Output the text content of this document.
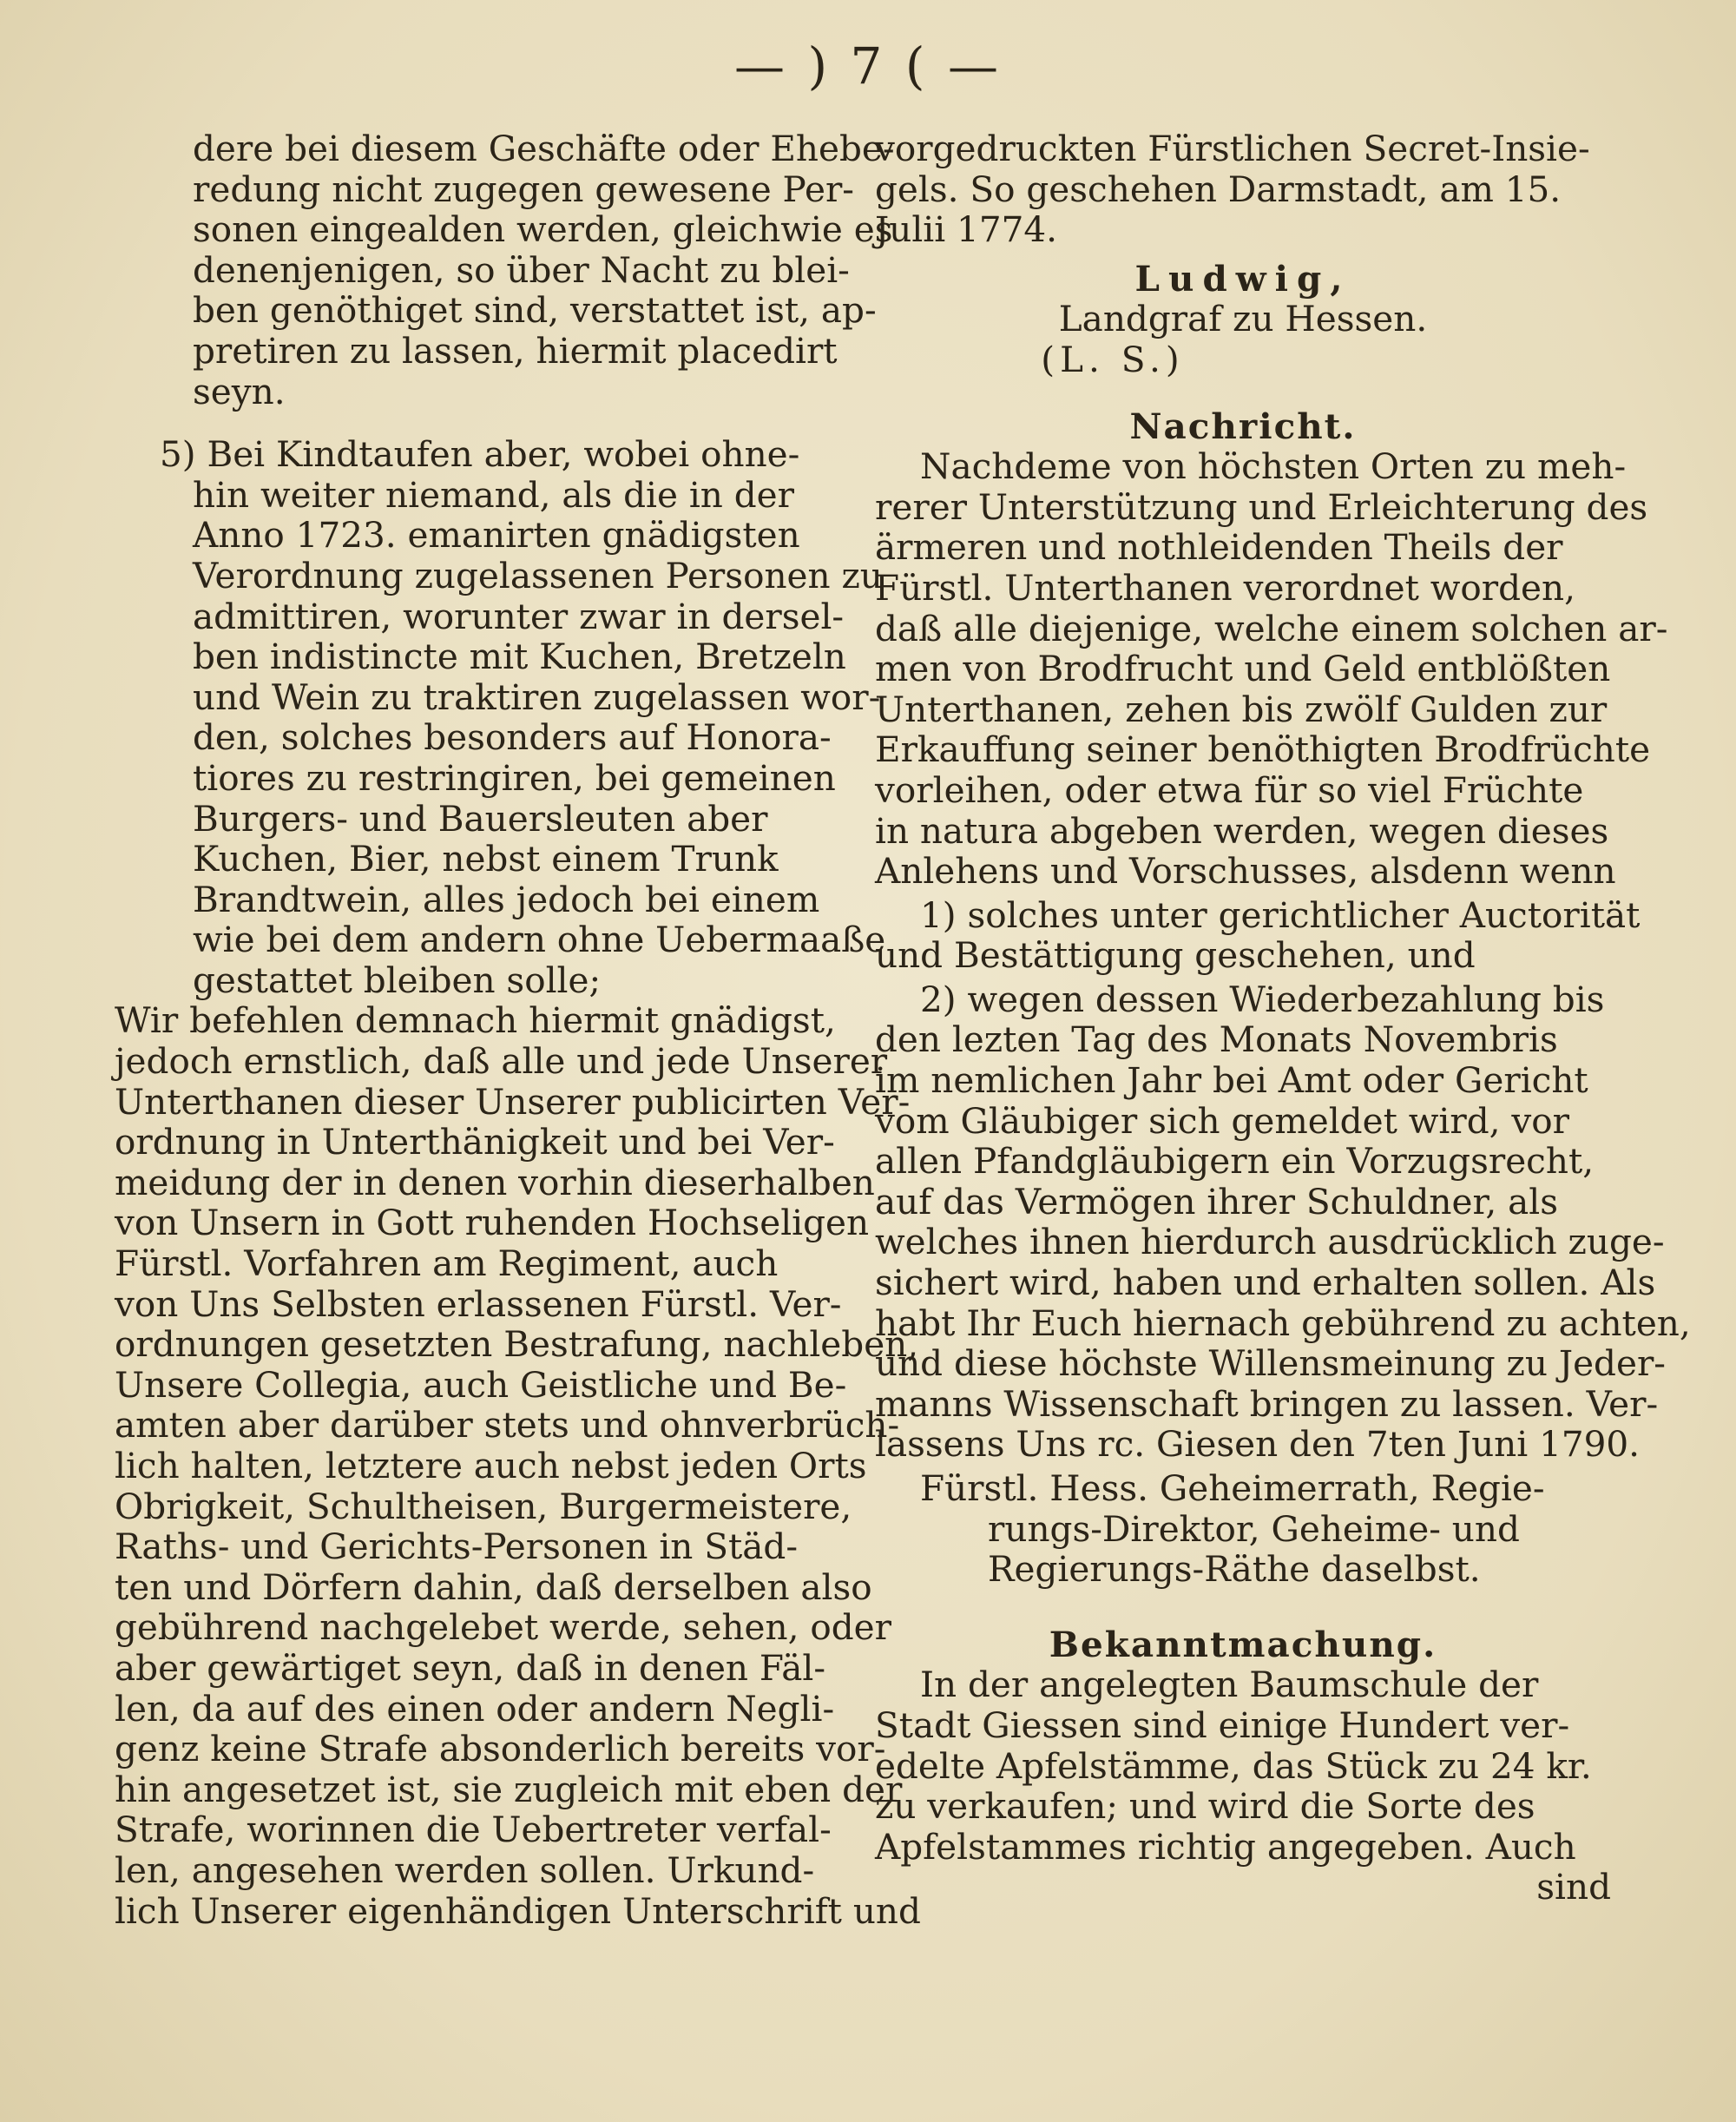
— ) 7 ( —
dere bei diesem Geschäfte oder Ehebe-
redung nicht zugegen gewesene Per-
sonen eingealden werden, gleichwie es
denenjenigen, so über Nacht zu blei-
ben genöthiget sind, verstattet ist, ap-
pretiren zu lassen, hiermit placedirt
seyn.
5) Bei Kindtaufen aber, wobei ohne-
hin weiter niemand, als die in der
Anno 1723. emanirten gnädigsten
Verordnung zugelassenen Personen zu
admittiren, worunter zwar in dersel-
ben indistincte mit Kuchen, Bretzeln
und Wein zu traktiren zugelassen wor-
den, solches besonders auf Honora-
tiores zu restringiren, bei gemeinen
Burgers- und Bauersleuten aber
Kuchen, Bier, nebst einem Trunk
Brandtwein, alles jedoch bei einem
wie bei dem andern ohne Uebermaaße
gestattet bleiben solle;
Wir befehlen demnach hiermit gnädigst,
jedoch ernstlich, daß alle und jede Unserer
Unterthanen dieser Unserer publicirten Ver-
ordnung in Unterthänigkeit und bei Ver-
meidung der in denen vorhin dieserhalben
von Unsern in Gott ruhenden Hochseligen
Fürstl. Vorfahren am Regiment, auch
von Uns Selbsten erlassenen Fürstl. Ver-
ordnungen gesetzten Bestrafung, nachleben,
Unsere Collegia, auch Geistliche und Be-
amten aber darüber stets und ohnverbrüch-
lich halten, letztere auch nebst jeden Orts
Obrigkeit, Schultheisen, Burgermeistere,
Raths- und Gerichts-Personen in Städ-
ten und Dörfern dahin, daß derselben also
gebührend nachgelebet werde, sehen, oder
aber gewärtiget seyn, daß in denen Fäl-
len, da auf des einen oder andern Negli-
genz keine Strafe absonderlich bereits vor-
hin angesetzet ist, sie zugleich mit eben der
Strafe, worinnen die Uebertreter verfal-
len, angesehen werden sollen. Urkund-
lich Unserer eigenhändigen Unterschrift und
vorgedruckten Fürstlichen Secret-Insie-
gels. So geschehen Darmstadt, am 15.
Julii 1774.
Ludwig,
Landgraf zu Hessen.
(L. S.)
Nachricht.
Nachdeme von höchsten Orten zu meh-
rerer Unterstützung und Erleichterung des
ärmeren und nothleidenden Theils der
Fürstl. Unterthanen verordnet worden,
daß alle diejenige, welche einem solchen ar-
men von Brodfrucht und Geld entblößten
Unterthanen, zehen bis zwölf Gulden zur
Erkauffung seiner benöthigten Brodfrüchte
vorleihen, oder etwa für so viel Früchte
in natura abgeben werden, wegen dieses
Anlehens und Vorschusses, alsdenn wenn
1) solches unter gerichtlicher Auctorität
und Bestättigung geschehen, und
2) wegen dessen Wiederbezahlung bis
den lezten Tag des Monats Novembris
im nemlichen Jahr bei Amt oder Gericht
vom Gläubiger sich gemeldet wird, vor
allen Pfandgläubigern ein Vorzugsrecht,
auf das Vermögen ihrer Schuldner, als
welches ihnen hierdurch ausdrücklich zuge-
sichert wird, haben und erhalten sollen. Als
habt Ihr Euch hiernach gebührend zu achten,
und diese höchste Willensmeinung zu Jeder-
manns Wissenschaft bringen zu lassen. Ver-
lassens Uns rc. Giesen den 7ten Juni 1790.
Fürstl. Hess. Geheimerrath, Regie-
rungs-Direktor, Geheime- und
Regierungs-Räthe daselbst.
Bekanntmachung.
In der angelegten Baumschule der
Stadt Giessen sind einige Hundert ver-
edelte Apfelstämme, das Stück zu 24 kr.
zu verkaufen; und wird die Sorte des
Apfelstammes richtig angegeben. Auch
sind
